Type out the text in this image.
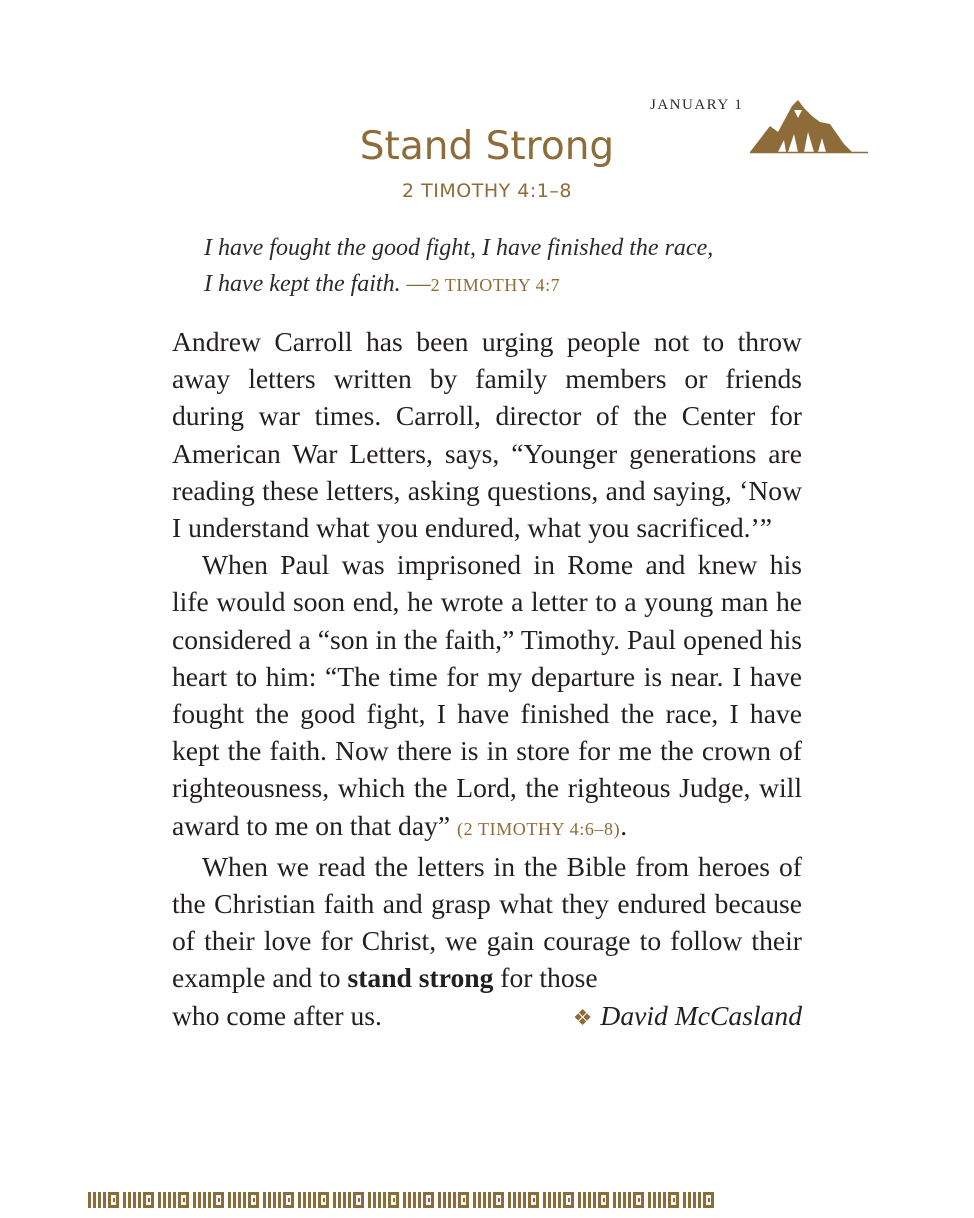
JANUARY 1
Stand Strong
2 TIMOTHY 4:1–8
I have fought the good fight, I have finished the race,
I have kept the faith. —2 TIMOTHY 4:7

Andrew Carroll has been urging people not to throw away letters written by family members or friends during war times. Carroll, director of the Center for American War Letters, says, “Younger generations are reading these letters, asking questions, and saying, ‘Now I understand what you endured, what you sacrificed.’”

When Paul was imprisoned in Rome and knew his life would soon end, he wrote a letter to a young man he considered a “son in the faith,” Timothy. Paul opened his heart to him: “The time for my departure is near. I have fought the good fight, I have finished the race, I have kept the faith. Now there is in store for me the crown of righteousness, which the Lord, the righteous Judge, will award to me on that day” (2 TIMOTHY 4:6–8).

When we read the letters in the Bible from heroes of the Christian faith and grasp what they endured because of their love for Christ, we gain courage to follow their example and to stand strong for those

who come after us.	❖ David McCasland
